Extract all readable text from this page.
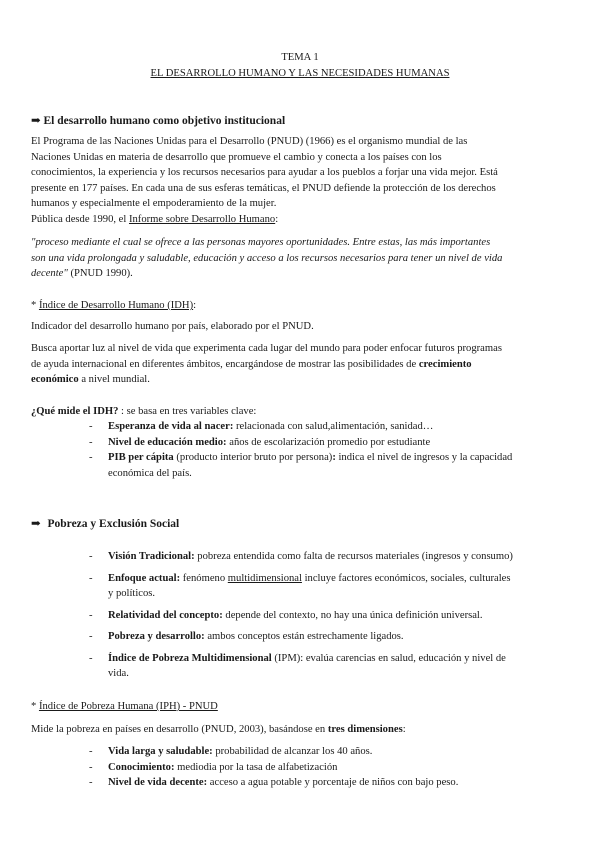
TEMA 1
EL DESARROLLO HUMANO Y LAS NECESIDADES HUMANAS
➡ El desarrollo humano como objetivo institucional
El Programa de las Naciones Unidas para el Desarrollo (PNUD) (1966) es el organismo mundial de las
Naciones Unidas en materia de desarrollo que promueve el cambio y conecta a los países con los
conocimientos, la experiencia y los recursos necesarios para ayudar a los pueblos a forjar una vida mejor. Está
presente en 177 países. En cada una de sus esferas temáticas, el PNUD defiende la protección de los derechos
humanos y especialmente el empoderamiento de la mujer.
Pública desde 1990, el Informe sobre Desarrollo Humano:
"proceso mediante el cual se ofrece a las personas mayores oportunidades. Entre estas, las más importantes
son una vida prolongada y saludable, educación y acceso a los recursos necesarios para tener un nivel de vida
decente" (PNUD 1990).
* Índice de Desarrollo Humano (IDH):
Indicador del desarrollo humano por país, elaborado por el PNUD.
Busca aportar luz al nivel de vida que experimenta cada lugar del mundo para poder enfocar futuros programas
de ayuda internacional en diferentes ámbitos, encargándose de mostrar las posibilidades de crecimiento
económico a nivel mundial.
¿Qué mide el IDH? : se basa en tres variables clave:
- Esperanza de vida al nacer: relacionada con salud,alimentación, sanidad…
- Nivel de educación medio: años de escolarización promedio por estudiante
- PIB per cápita (producto interior bruto por persona): indica el nivel de ingresos y la capacidad
económica del país.
➡ Pobreza y Exclusión Social
- Visión Tradicional: pobreza entendida como falta de recursos materiales (ingresos y consumo)
- Enfoque actual: fenómeno multidimensional incluye factores económicos, sociales, culturales
y políticos.
- Relatividad del concepto: depende del contexto, no hay una única definición universal.
- Pobreza y desarrollo: ambos conceptos están estrechamente ligados.
- Índice de Pobreza Multidimensional (IPM): evalúa carencias en salud, educación y nivel de
vida.
* Índice de Pobreza Humana (IPH) - PNUD
Mide la pobreza en países en desarrollo (PNUD, 2003), basándose en tres dimensiones:
- Vida larga y saludable: probabilidad de alcanzar los 40 años.
- Conocimiento: mediodia por la tasa de alfabetización
- Nivel de vida decente: acceso a agua potable y porcentaje de niños con bajo peso.
